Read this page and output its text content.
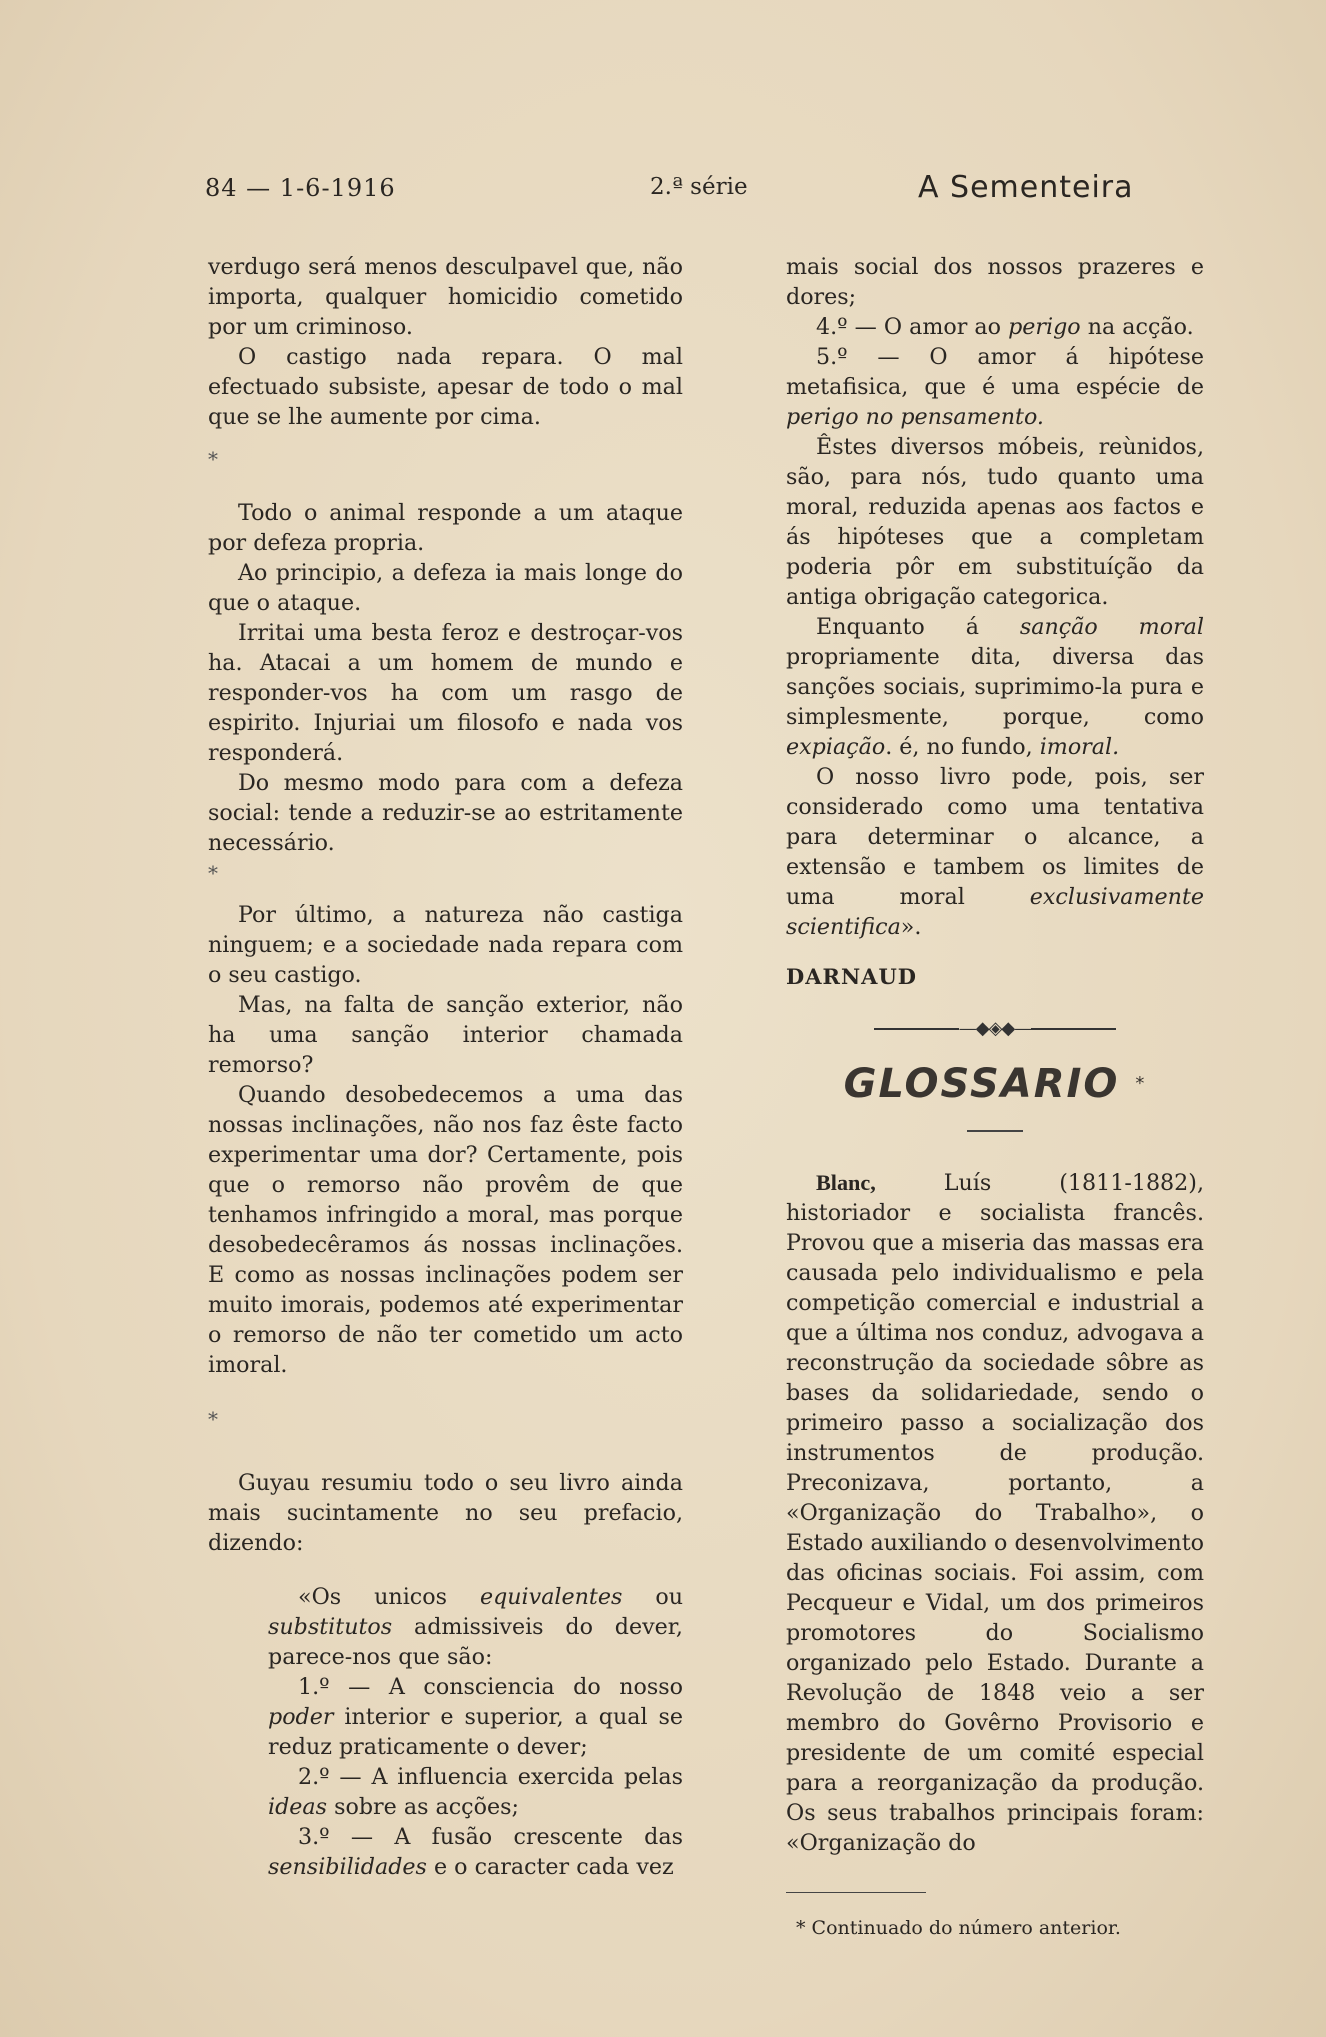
84 — 1-6-1916	2.ª série	A Sementeira

verdugo será menos desculpavel que, não importa, qualquer homicidio cometido por um criminoso.

O castigo nada repara. O mal efectuado subsiste, apesar de todo o mal que se lhe aumente por cima.

*

Todo o animal responde a um ataque por defeza propria.

Ao principio, a defeza ia mais longe do que o ataque.

Irritai uma besta feroz e destroçar-vos ha. Atacai a um homem de mundo e responder-vos ha com um rasgo de espirito. Injuriai um filosofo e nada vos responderá.

Do mesmo modo para com a defeza social: tende a reduzir-se ao estritamente necessário.

*

Por último, a natureza não castiga ninguem; e a sociedade nada repara com o seu castigo.

Mas, na falta de sanção exterior, não ha uma sanção interior chamada remorso?

Quando desobedecemos a uma das nossas inclinações, não nos faz êste facto experimentar uma dor? Certamente, pois que o remorso não provêm de que tenhamos infringido a moral, mas porque desobedecêramos ás nossas inclinações. E como as nossas inclinações podem ser muito imorais, podemos até experimentar o remorso de não ter cometido um acto imoral.

*

Guyau resumiu todo o seu livro ainda mais sucintamente no seu prefacio, dizendo:

«Os unicos equivalentes ou substitutos admissiveis do dever, parece-nos que são:

1.º — A consciencia do nosso poder interior e superior, a qual se reduz praticamente o dever;

2.º — A influencia exercida pelas ideas sobre as acções;

3.º — A fusão crescente das sensibilidades e o caracter cada vez

mais social dos nossos prazeres e dores;

4.º — O amor ao perigo na acção.

5.º — O amor á hipótese metafisica, que é uma espécie de perigo no pensamento.

Êstes diversos móbeis, reùnidos, são, para nós, tudo quanto uma moral, reduzida apenas aos factos e ás hipóteses que a completam poderia pôr em substituíção da antiga obrigação categorica.

Enquanto á sanção moral propriamente dita, diversa das sanções sociais, suprimimo-la pura e simplesmente, porque, como expiação. é, no fundo, imoral.

O nosso livro pode, pois, ser considerado como uma tentativa para determinar o alcance, a extensão e tambem os limites de uma moral exclusivamente scientifica».

DARNAUD

—◆◈◆—
GLOSSARIO *

Blanc, Luís (1811-1882), historiador e socialista francês. Provou que a miseria das massas era causada pelo individualismo e pela competição comercial e industrial a que a última nos conduz, advogava a reconstrução da sociedade sôbre as bases da solidariedade, sendo o primeiro passo a socialização dos instrumentos de produção. Preconizava, portanto, a «Organização do Trabalho», o Estado auxiliando o desenvolvimento das oficinas sociais. Foi assim, com Pecqueur e Vidal, um dos primeiros promotores do Socialismo organizado pelo Estado. Durante a Revolução de 1848 veio a ser membro do Govêrno Provisorio e presidente de um comité especial para a reorganização da produção. Os seus trabalhos principais foram: «Organização do

* Continuado do número anterior.
